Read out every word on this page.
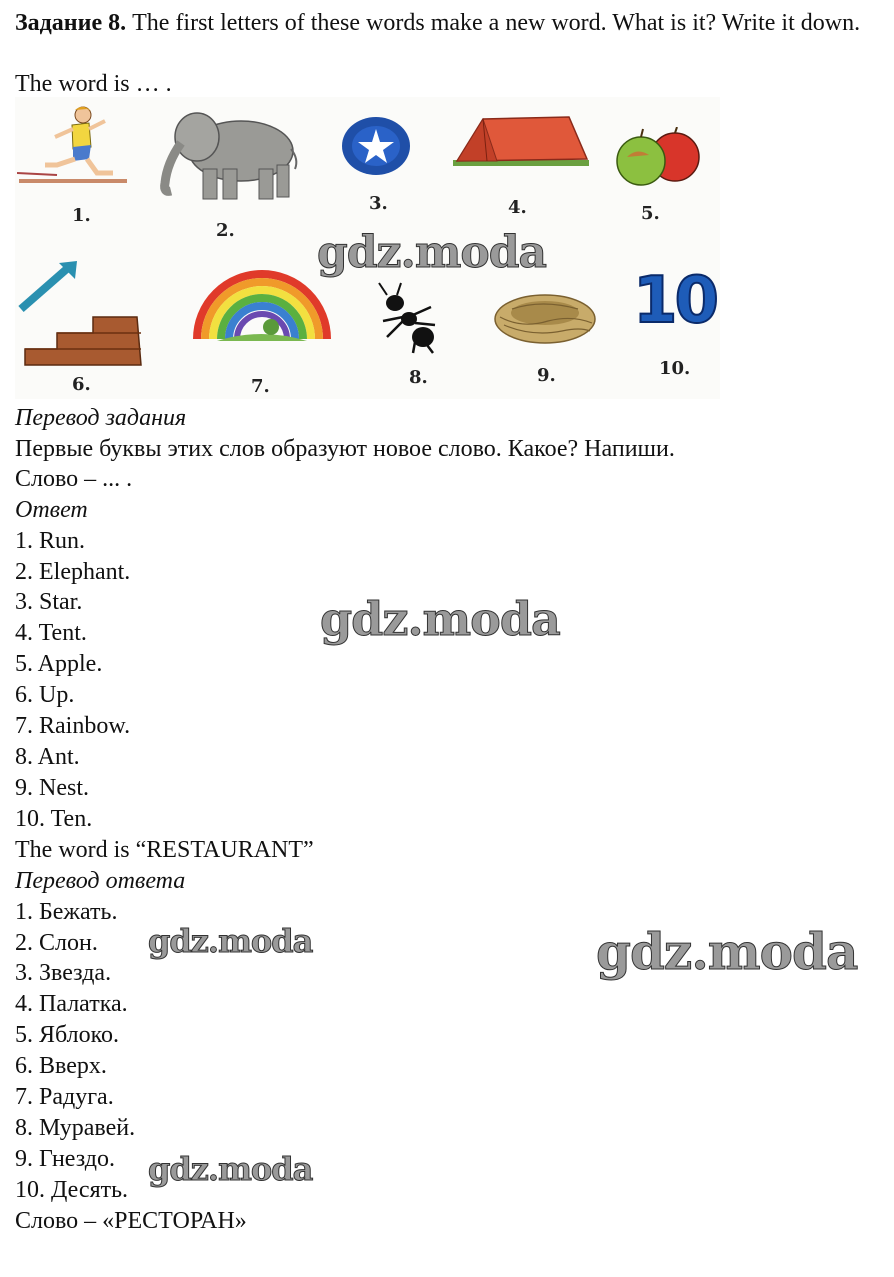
Задание 8. The first letters of these words make a new word. What is it? Write it down.
The word is … .
1.
2.
3.	4.	5.
6.	7.	8.	9.
10
10.
gdz.moda
Перевод задания
Первые буквы этих слов образуют новое слово. Какое? Напиши.
Слово – ... .
Ответ
1. Run.
2. Elephant.
3. Star.
4. Tent.
5. Apple.
6. Up.
7. Rainbow.
8. Ant.
9. Nest.
10. Ten.
The word is “RESTAURANT”
Перевод ответа
1. Бежать.
2. Слон.
3. Звезда.
4. Палатка.
5. Яблоко.
6. Вверх.
7. Радуга.
8. Муравей.
9. Гнездо.
10. Десять.
Слово – «РЕСТОРАН»
gdz.moda
gdz.moda	gdz.moda
gdz.moda
